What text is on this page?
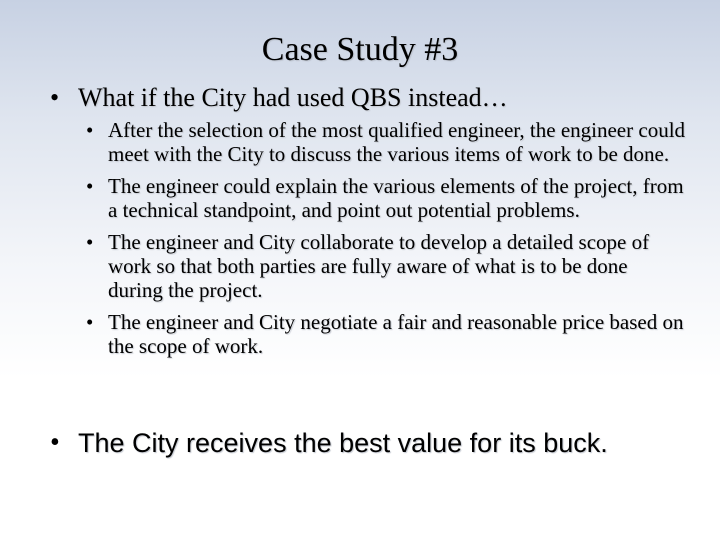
Case Study #3
• What if the City had used QBS instead…
• After the selection of the most qualified engineer, the engineer could meet with the City to discuss the various items of work to be done.
• The engineer could explain the various elements of the project, from a technical standpoint, and point out potential problems.
• The engineer and City collaborate to develop a detailed scope of work so that both parties are fully aware of what is to be done during the project.
• The engineer and City negotiate a fair and reasonable price based on the scope of work.
• The City receives the best value for its buck.
